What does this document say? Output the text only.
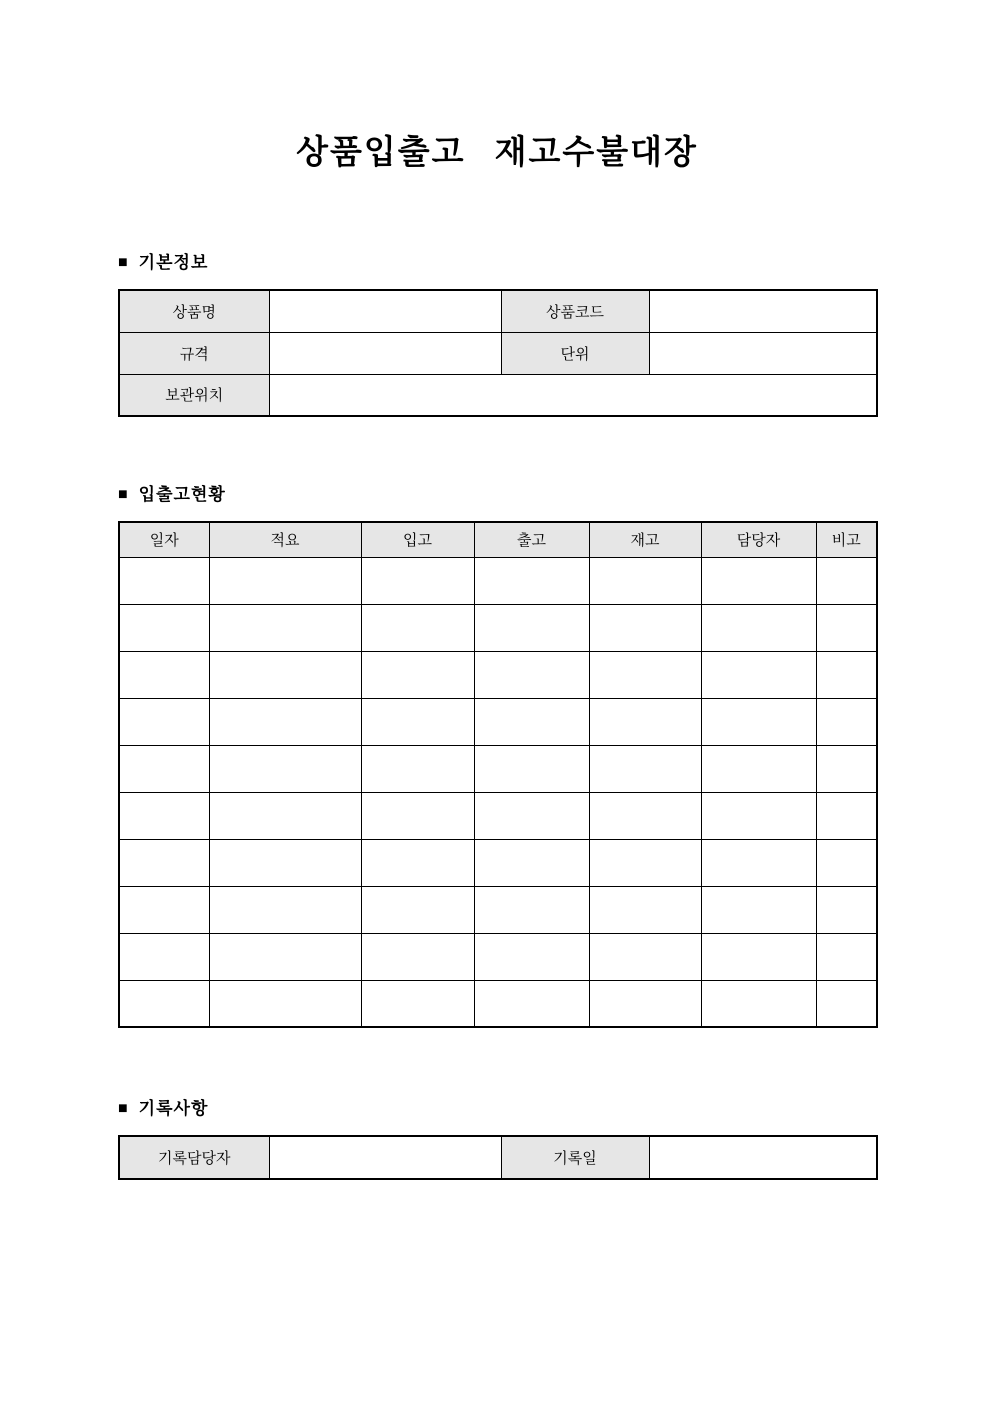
상품입출고 재고수불대장
■ 기본정보
상품명		상품코드	
규격		단위	
보관위치			
■ 입출고현황
일자	적요	입고	출고	재고	담당자	비고

■ 기록사항
기록담당자		기록일	
